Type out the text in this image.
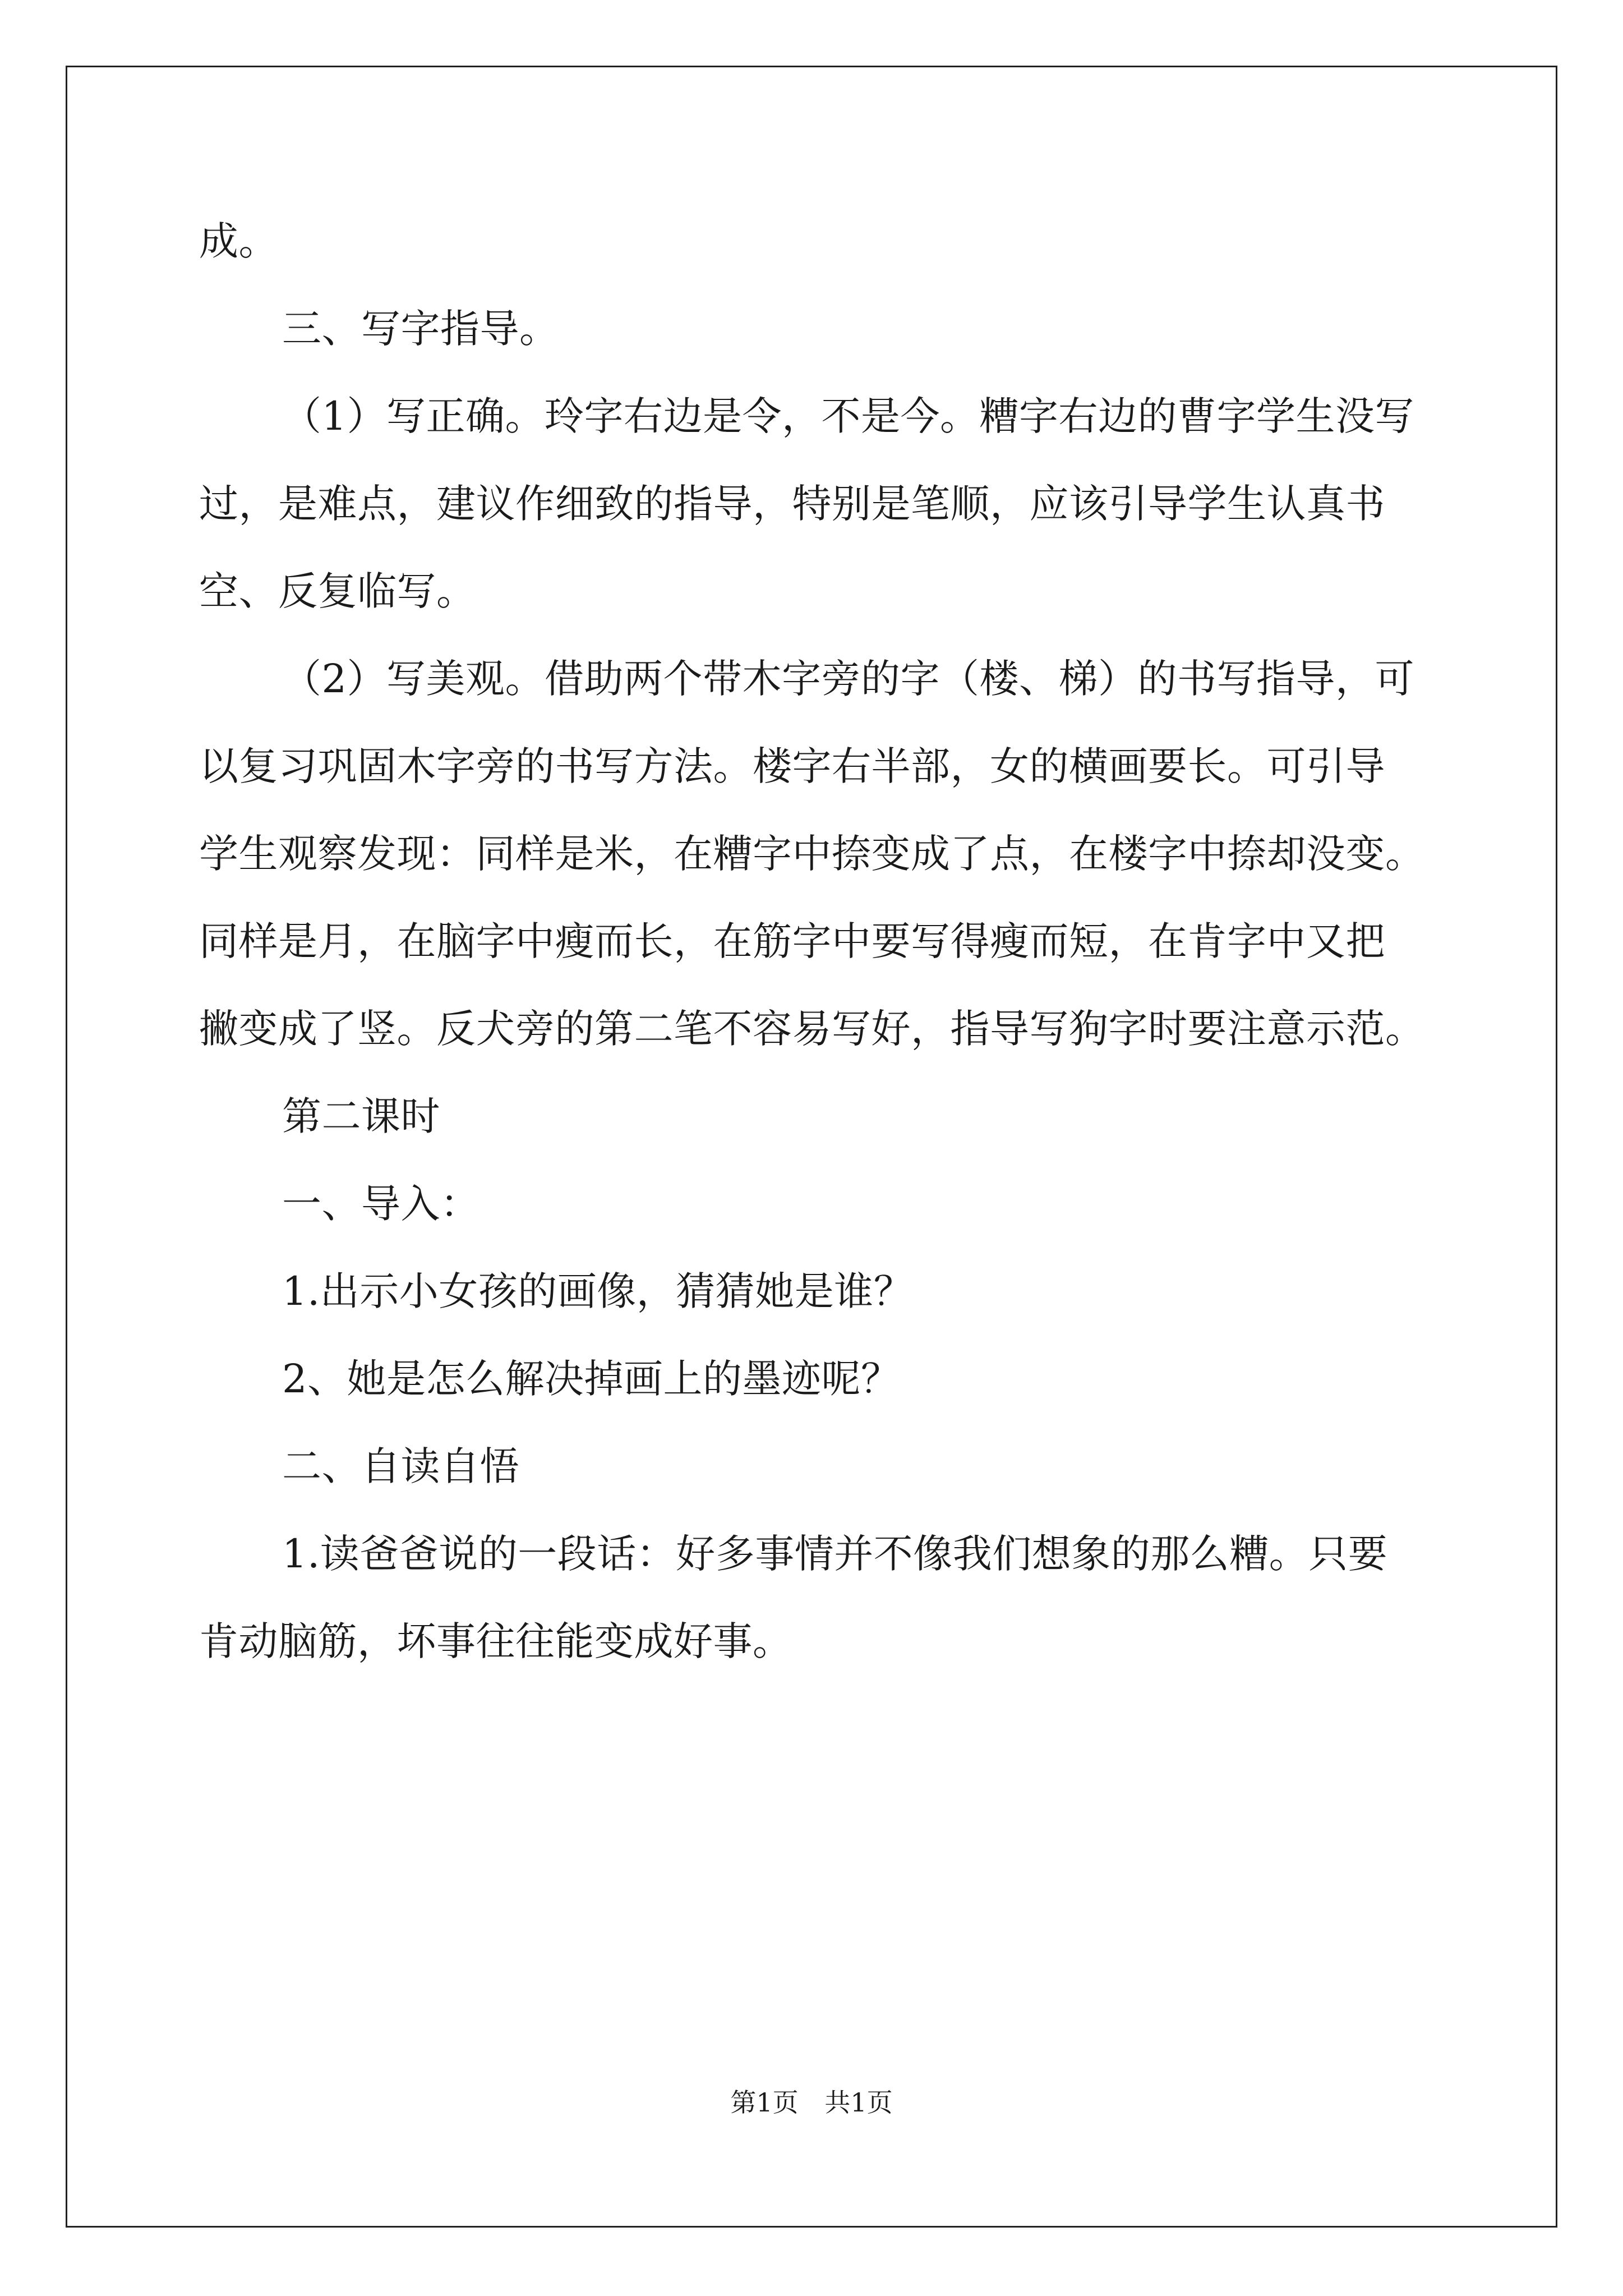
成。
三、写字指导。
（1）写正确。玲字右边是令，不是今。糟字右边的曹字学生没写
过，是难点，建议作细致的指导，特别是笔顺，应该引导学生认真书
空、反复临写。
（2）写美观。借助两个带木字旁的字（楼、梯）的书写指导，可
以复习巩固木字旁的书写方法。楼字右半部，女的横画要长。可引导
学生观察发现：同样是米，在糟字中捺变成了点，在楼字中捺却没变。
同样是月，在脑字中瘦而长，在筋字中要写得瘦而短，在肯字中又把
撇变成了竖。反犬旁的第二笔不容易写好，指导写狗字时要注意示范。
第二课时
一、导入：
1.出示小女孩的画像，猜猜她是谁？
2、她是怎么解决掉画上的墨迹呢？
二、自读自悟
1.读爸爸说的一段话：好多事情并不像我们想象的那么糟。只要
肯动脑筋，坏事往往能变成好事。
第1页 共1页
